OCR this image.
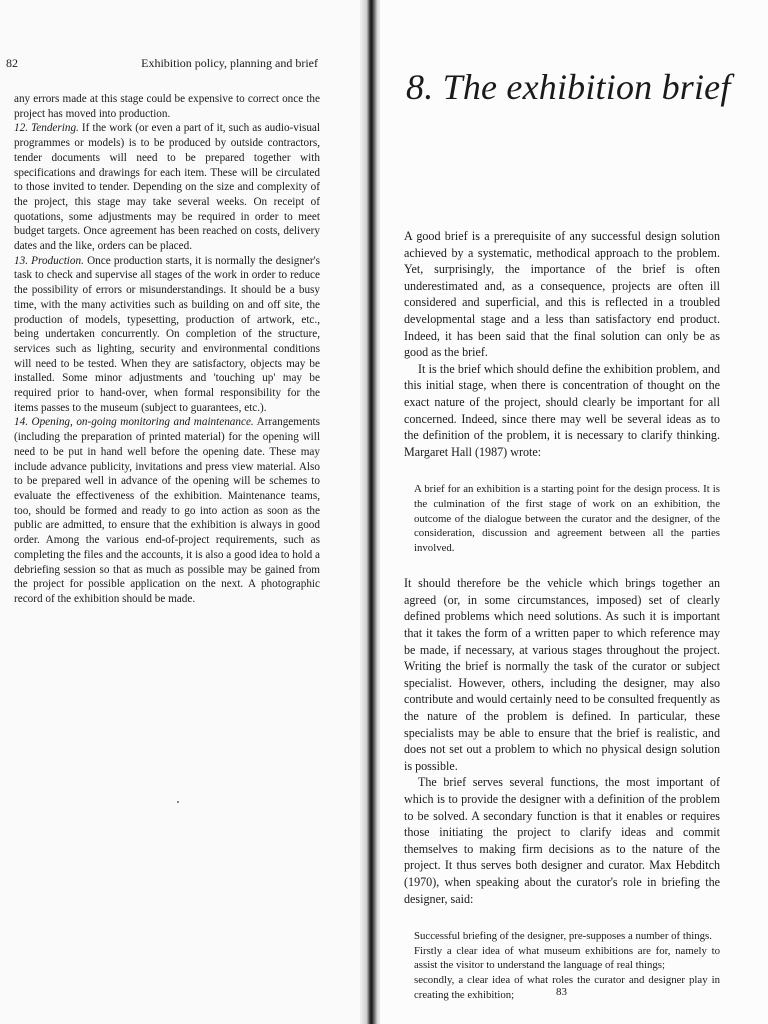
82	Exhibition policy, planning and brief

any errors made at this stage could be expensive to correct once the project has moved into production.

12. Tendering. If the work (or even a part of it, such as audio-visual programmes or models) is to be produced by outside contractors, tender documents will need to be prepared together with specifications and drawings for each item. These will be circulated to those invited to tender. Depending on the size and complexity of the project, this stage may take several weeks. On receipt of quotations, some adjustments may be required in order to meet budget targets. Once agreement has been reached on costs, delivery dates and the like, orders can be placed.

13. Production. Once production starts, it is normally the designer's task to check and supervise all stages of the work in order to reduce the possibility of errors or misunderstandings. It should be a busy time, with the many activities such as building on and off site, the production of models, typesetting, production of artwork, etc., being undertaken concurrently. On completion of the structure, services such as lighting, security and environmental conditions will need to be tested. When they are satisfactory, objects may be installed. Some minor adjustments and 'touching up' may be required prior to hand-over, when formal responsibility for the items passes to the museum (subject to guarantees, etc.).

14. Opening, on-going monitoring and maintenance. Arrangements (including the preparation of printed material) for the opening will need to be put in hand well before the opening date. These may include advance publicity, invitations and press view material. Also to be prepared well in advance of the opening will be schemes to evaluate the effectiveness of the exhibition. Maintenance teams, too, should be formed and ready to go into action as soon as the public are admitted, to ensure that the exhibition is always in good order. Among the various end-of-project requirements, such as completing the files and the accounts, it is also a good idea to hold a debriefing session so that as much as possible may be gained from the project for possible application on the next. A photographic record of the exhibition should be made.

8. The exhibition brief

A good brief is a prerequisite of any successful design solution achieved by a systematic, methodical approach to the problem. Yet, surprisingly, the importance of the brief is often underestimated and, as a consequence, projects are often ill considered and superficial, and this is reflected in a troubled developmental stage and a less than satisfactory end product. Indeed, it has been said that the final solution can only be as good as the brief.

It is the brief which should define the exhibition problem, and this initial stage, when there is concentration of thought on the exact nature of the project, should clearly be important for all concerned. Indeed, since there may well be several ideas as to the definition of the problem, it is necessary to clarify thinking. Margaret Hall (1987) wrote:

A brief for an exhibition is a starting point for the design process. It is the culmination of the first stage of work on an exhibition, the outcome of the dialogue between the curator and the designer, of the consideration, discussion and agreement between all the parties involved.

It should therefore be the vehicle which brings together an agreed (or, in some circumstances, imposed) set of clearly defined problems which need solutions. As such it is important that it takes the form of a written paper to which reference may be made, if necessary, at various stages throughout the project. Writing the brief is normally the task of the curator or subject specialist. However, others, including the designer, may also contribute and would certainly need to be consulted frequently as the nature of the problem is defined. In particular, these specialists may be able to ensure that the brief is realistic, and does not set out a problem to which no physical design solution is possible.

The brief serves several functions, the most important of which is to provide the designer with a definition of the problem to be solved. A secondary function is that it enables or requires those initiating the project to clarify ideas and commit themselves to making firm decisions as to the nature of the project. It thus serves both designer and curator. Max Hebditch (1970), when speaking about the curator's role in briefing the designer, said:

Successful briefing of the designer, pre-supposes a number of things.

Firstly a clear idea of what museum exhibitions are for, namely to assist the visitor to understand the language of real things;

secondly, a clear idea of what roles the curator and designer play in creating the exhibition;	83
